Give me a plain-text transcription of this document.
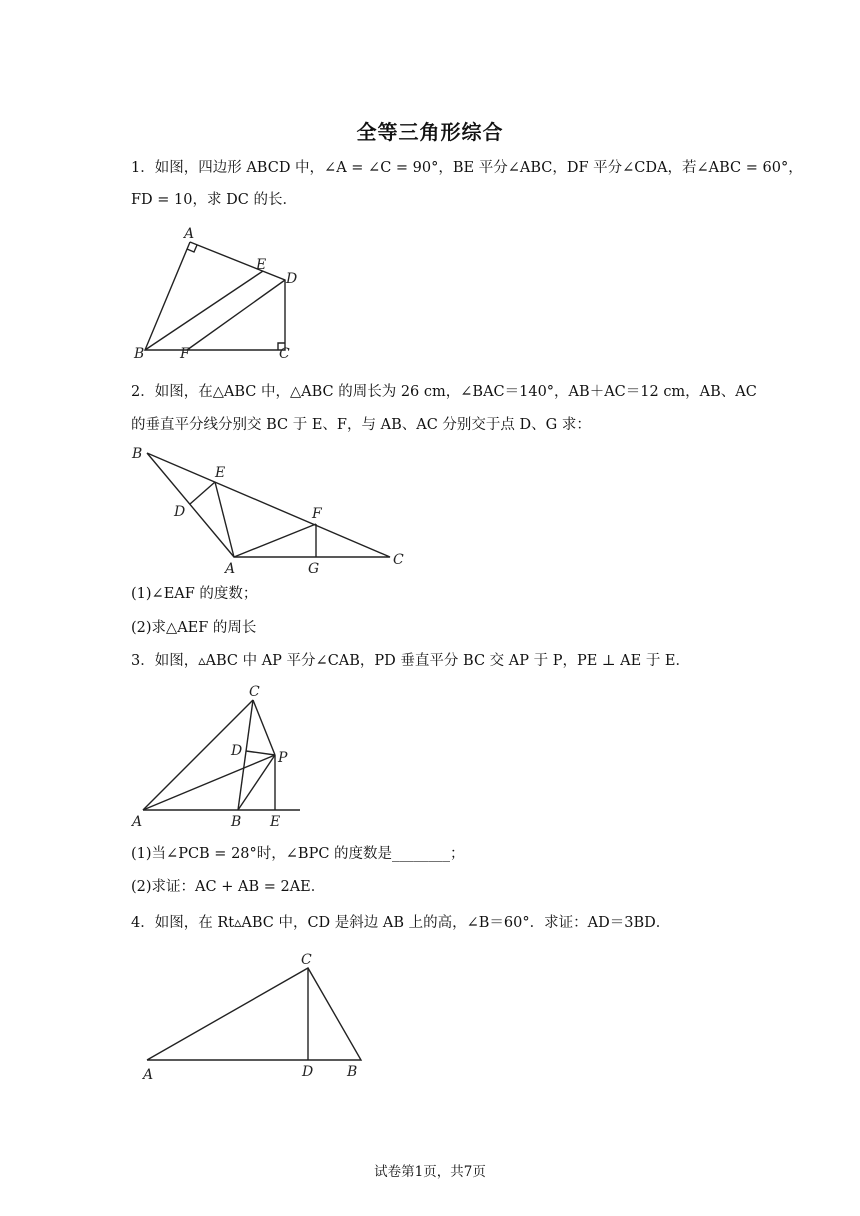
全等三角形综合
1．如图，四边形 ABCD 中，∠A = ∠C = 90°，BE 平分∠ABC，DF 平分∠CDA，若∠ABC = 60°，
FD = 10，求 DC 的长．
A
B	C
D
E
F
2．如图，在△ABC 中，△ABC 的周长为 26 cm，∠BAC＝140°，AB＋AC＝12 cm，AB、AC
的垂直平分线分别交 BC 于 E、F，与 AB、AC 分别交于点 D、G 求：
B
E
D	F
A	G
C
(1)∠EAF 的度数；
(2)求△AEF 的周长
3．如图，▵ABC 中 AP 平分∠CAB，PD 垂直平分 BC 交 AP 于 P，PE ⊥ AE 于 E．
C
D	P
A	B E
(1)当∠PCB = 28°时，∠BPC 的度数是________；
(2)求证：AC + AB = 2AE．
4．如图，在 Rt▵ABC 中，CD 是斜边 AB 上的高，∠B＝60°．求证：AD＝3BD．
C
A	D B
试卷第1页，共7页
